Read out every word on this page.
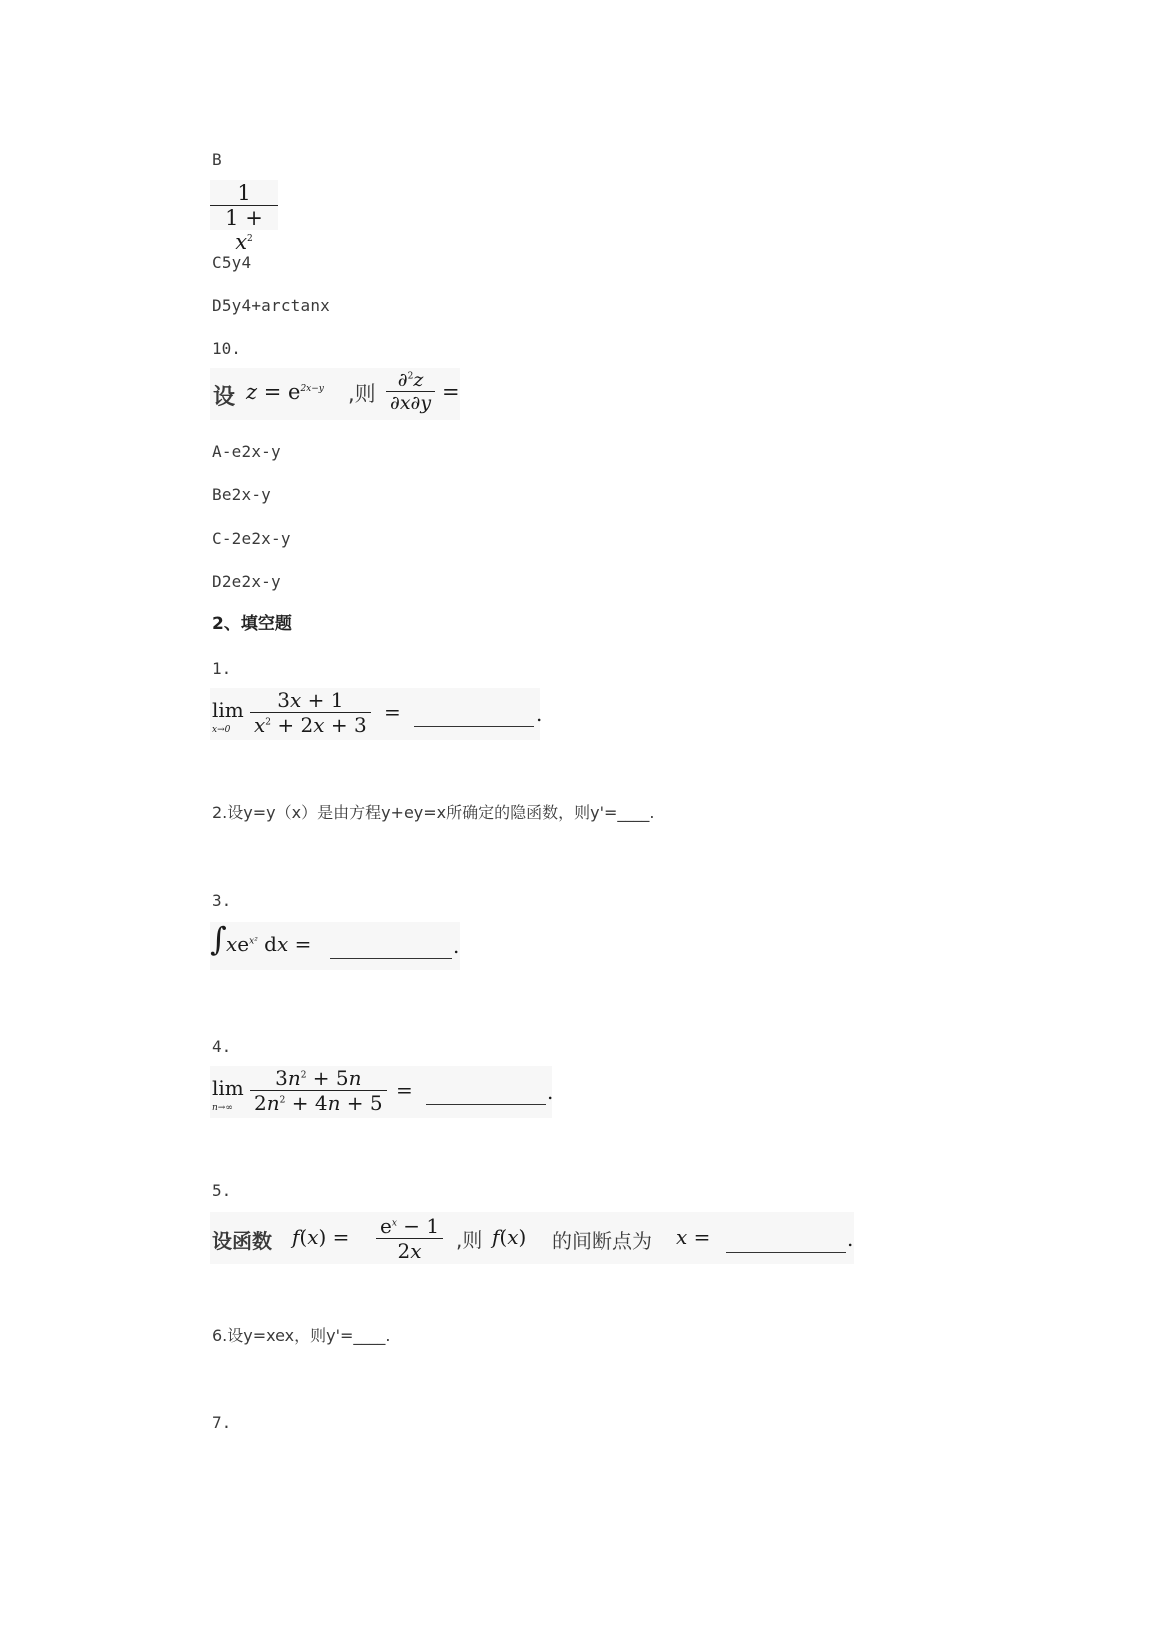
B
$\frac{1}{1 + x^2}$
C5y4
D5y4+arctanx
10.
设 $z = e^{2x-y}$ ,则 $\frac{\partial^2z}{\partial x\partial y}$ =
A-e2x-y
Be2x-y
C-2e2x-y
D2e2x-y
2、填空题
1.
lim
$x\to 0 \frac{3x + 1}{x^2 + 2x + 3}$ =	.
2.设y=y（x）是由方程y+ey=x所确定的隐函数，则y'=____.
3.
∫ $xe^{x^2}$ dx =	.
4.
lim
$n\to\infty \frac{3n^2 + 5n}{2n^2 + 4n + 5}$ =	.
5.
设函数 $f(x) = \frac{e^x - 1}{2x}$ ,则 f(x) 的间断点为 x =	.
6.设y=xex，则y'=____.
7.
